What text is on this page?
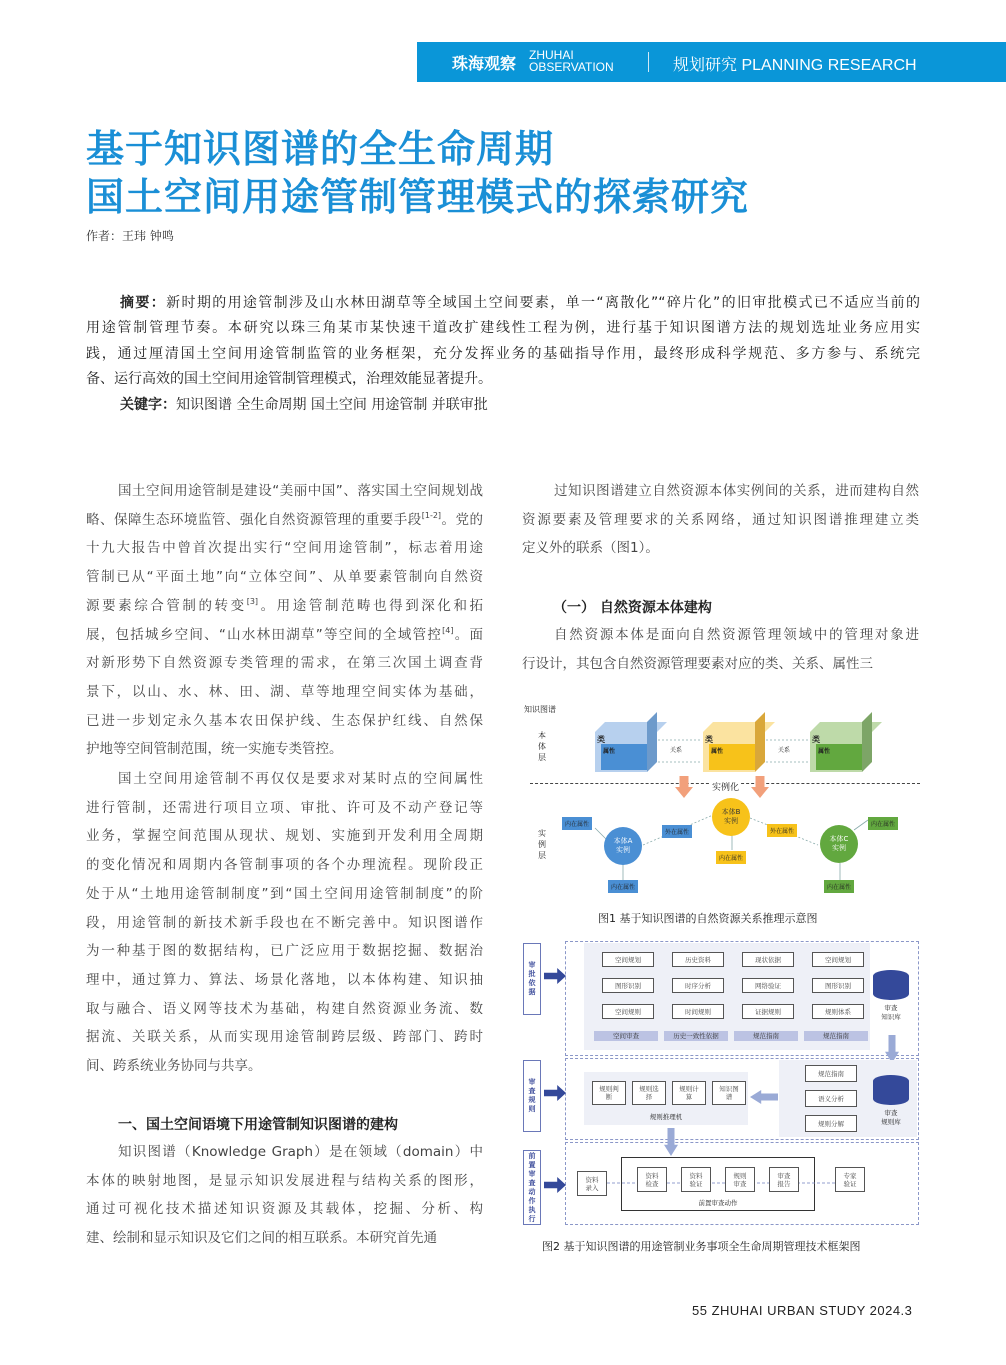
珠海观察 ZHUHAI
OBSERVATION	规划研究 PLANNING RESEARCH
基于知识图谱的全生命周期
国土空间用途管制管理模式的探索研究
作者：王玮 钟鸣
摘要：新时期的用途管制涉及山水林田湖草等全域国土空间要素，单一“离散化”“碎片化”的旧审批模式已不适应当前的
用途管制管理节奏。本研究以珠三角某市某快速干道改扩建线性工程为例，进行基于知识图谱方法的规划选址业务应用实
践，通过厘清国土空间用途管制监管的业务框架，充分发挥业务的基础指导作用，最终形成科学规范、多方参与、系统完
备、运行高效的国土空间用途管制管理模式，治理效能显著提升。
关键字：知识图谱 全生命周期 国土空间 用途管制 并联审批
国土空间用途管制是建设“美丽中国”、落实国土空间规划战
略、保障生态环境监管、强化自然资源管理的重要手段[1-2]。党的
十九大报告中曾首次提出实行“空间用途管制”，标志着用途
管制已从“平面土地”向“立体空间”、从单要素管制向自然资
源要素综合管制的转变[3]。用途管制范畴也得到深化和拓
展，包括城乡空间、“山水林田湖草”等空间的全域管控[4]。面
对新形势下自然资源专类管理的需求，在第三次国土调查背
景下，以山、水、林、田、湖、草等地理空间实体为基础，
已进一步划定永久基本农田保护线、生态保护红线、自然保
护地等空间管制范围，统一实施专类管控。
国土空间用途管制不再仅仅是要求对某时点的空间属性
进行管制，还需进行项目立项、审批、许可及不动产登记等
业务，掌握空间范围从现状、规划、实施到开发利用全周期
的变化情况和周期内各管制事项的各个办理流程。现阶段正
处于从“土地用途管制制度”到“国土空间用途管制制度”的阶
段，用途管制的新技术新手段也在不断完善中。知识图谱作
为一种基于图的数据结构，已广泛应用于数据挖掘、数据治
理中，通过算力、算法、场景化落地，以本体构建、知识抽
取与融合、语义网等技术为基础，构建自然资源业务流、数
据流、关联关系，从而实现用途管制跨层级、跨部门、跨时
间、跨系统业务协同与共享。
一、国土空间语境下用途管制知识图谱的建构
知识图谱（Knowledge Graph）是在领域（domain）中
本体的映射地图，是显示知识发展进程与结构关系的图形，
通过可视化技术描述知识资源及其载体，挖掘、分析、构
建、绘制和显示知识及它们之间的相互联系。本研究首先通
过知识图谱建立自然资源本体实例间的关系，进而建构自然
资源要素及管理要求的关系网络，通过知识图谱推理建立类
定义外的联系（图1）。
（一） 自然资源本体建构
自然资源本体是面向自然资源管理领域中的管理对象进
行设计，其包含自然资源管理要素对应的类、关系、属性三
知识图谱
本
体
层
实
例
层
类
属性
类
属性
类
属性
关系	关系
实例化
本体A
实例
本体B
实例
本体C
实例
内在属性
内在属性
外在属性
内在属性
外在属性
内在属性
内在属性
图1 基于知识图谱的自然资源关系推理示意图
审
批
依
据
审
查
规
则
前
置
审
查
动
作
执
行
空间规划
图形识别
空间规则
空间审查
历史资料
时序分析
时间规则
历史一致性依据
现状依据
网络验证
证据规则
规范指南
空间规划
图形识别
规则体系
规范指南
审查
知识库
规则判
断
规则选
择
规则计
算
知识图
谱
规则推理机
规范指南
语义分析
规则分解
审查
规则库
前置审查动作
资料
录入
资料
检查
资料
验证
规则
审查
审查
报告
专家
验证
图2 基于知识图谱的用途管制业务事项全生命周期管理技术框架图
55 ZHUHAI URBAN STUDY 2024.3
